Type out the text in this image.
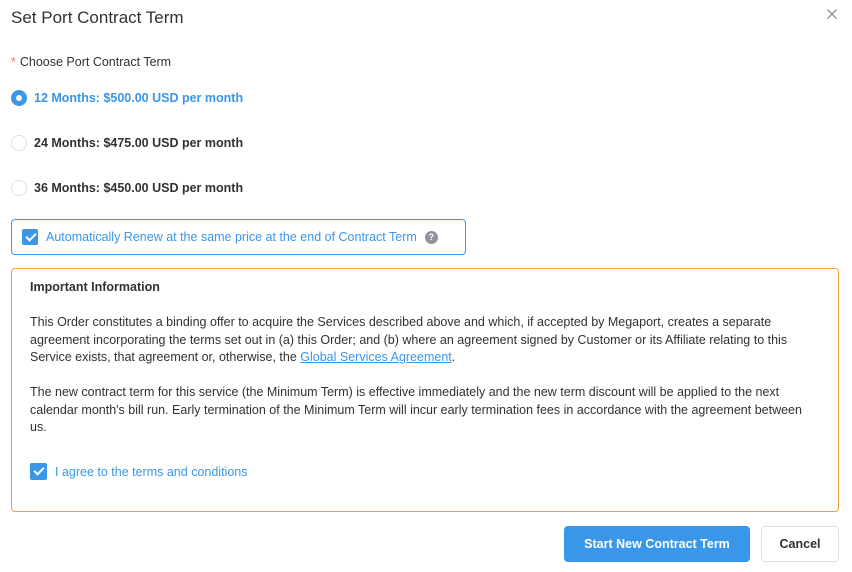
Set Port Contract Term
* Choose Port Contract Term
12 Months: $500.00 USD per month
24 Months: $475.00 USD per month
36 Months: $450.00 USD per month
Automatically Renew at the same price at the end of Contract Term	?
Important Information
This Order constitutes a binding offer to acquire the Services described above and which, if accepted by Megaport, creates a separate agreement incorporating the terms set out in (a) this Order; and (b) where an agreement signed by Customer or its Affiliate relating to this Service exists, that agreement or, otherwise, the Global Services Agreement.
The new contract term for this service (the Minimum Term) is effective immediately and the new term discount will be applied to the next calendar month's bill run. Early termination of the Minimum Term will incur early termination fees in accordance with the agreement between us.
I agree to the terms and conditions
Start New Contract Term	Cancel
